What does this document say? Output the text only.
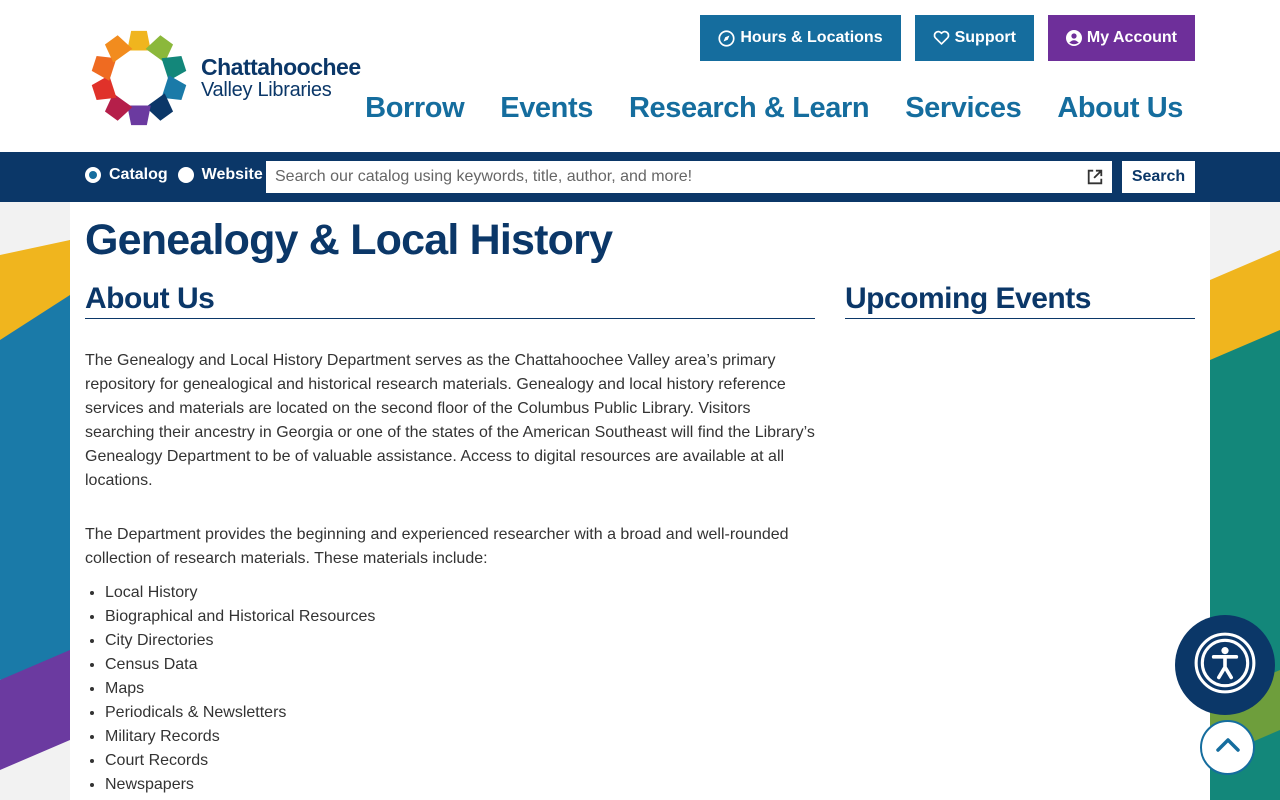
Chattahoochee
Valley Libraries
Hours & Locations	Support	My Account
Borrow Events Research & Learn Services About Us
Catalog Website
Search our catalog using keywords, title, author, and more!	Search
Genealogy & Local History
About Us	Upcoming Events

The Genealogy and Local History Department serves as the Chattahoochee Valley area’s primary repository for genealogical and historical research materials. Genealogy and local history reference services and materials are located on the second floor of the Columbus Public Library. Visitors searching their ancestry in Georgia or one of the states of the American Southeast will find the Library’s Genealogy Department to be of valuable assistance. Access to digital resources are available at all locations.

The Department provides the beginning and experienced researcher with a broad and well-rounded collection of research materials. These materials include:

• Local History
• Biographical and Historical Resources
• City Directories
• Census Data
• Maps
• Periodicals & Newsletters
• Military Records
• Court Records
• Newspapers
